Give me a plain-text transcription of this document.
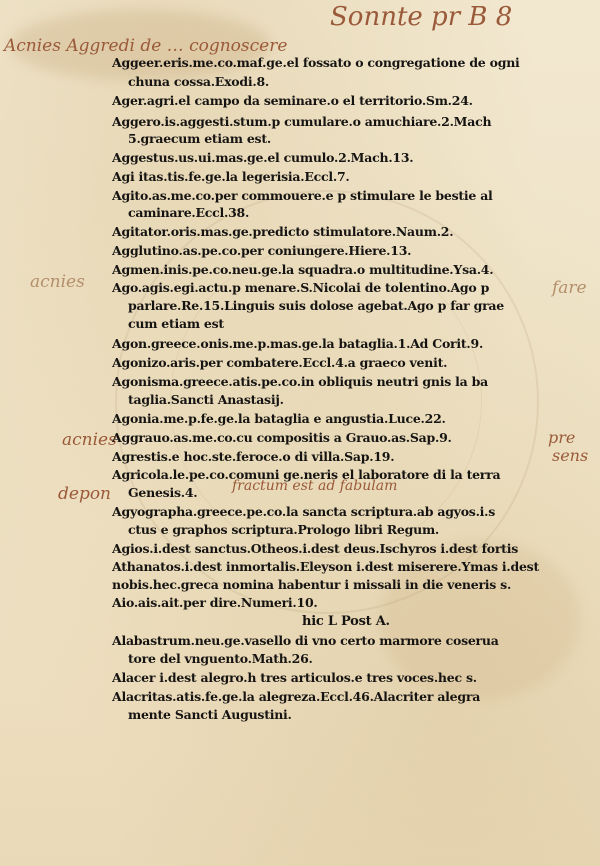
Sonnte pr B 8
Acnies Aggredi de … cognoscere
acnies	fare
acnies	pre
sens
depon	fractum est ad fabulam
Aggeer.eris.me.co.maf.ge.el fossato o congregatione de ogni
chuna cossa.Exodi.8.
Ager.agri.el campo da seminare.o el territorio.Sm.24.
Aggero.is.aggesti.stum.p cumulare.o amuchiare.2.Mach
5.graecum etiam est.
Aggestus.us.ui.mas.ge.el cumulo.2.Mach.13.
Agi itas.tis.fe.ge.la legerisia.Eccl.7.
Agito.as.me.co.per commouere.e p stimulare le bestie al
caminare.Eccl.38.
Agitator.oris.mas.ge.predicto stimulatore.Naum.2.
Agglutino.as.pe.co.per coniungere.Hiere.13.
Agmen.inis.pe.co.neu.ge.la squadra.o multitudine.Ysa.4.
Ago.agis.egi.actu.p menare.S.Nicolai de tolentino.Ago p
parlare.Re.15.Linguis suis dolose agebat.Ago p far grae
cum etiam est
Agon.greece.onis.me.p.mas.ge.la bataglia.1.Ad Corit.9.
Agonizo.aris.per combatere.Eccl.4.a graeco venit.
Agonisma.greece.atis.pe.co.in obliquis neutri gnis la ba
taglia.Sancti Anastasij.
Agonia.me.p.fe.ge.la bataglia e angustia.Luce.22.
Aggrauo.as.me.co.cu compositis a Grauo.as.Sap.9.
Agrestis.e hoc.ste.feroce.o di villa.Sap.19.
Agricola.le.pe.co.comuni ge.neris el laboratore di la terra
Genesis.4.
Agyographa.greece.pe.co.la sancta scriptura.ab agyos.i.s
ctus e graphos scriptura.Prologo libri Regum.
Agios.i.dest sanctus.Otheos.i.dest deus.Ischyros i.dest fortis
Athanatos.i.dest inmortalis.Eleyson i.dest miserere.Ymas i.dest
nobis.hec.greca nomina habentur i missali in die veneris s.
Aio.ais.ait.per dire.Numeri.10.
hic L Post A.
Alabastrum.neu.ge.vasello di vno certo marmore coserua
tore del vnguento.Math.26.
Alacer i.dest alegro.h tres articulos.e tres voces.hec s.
Alacritas.atis.fe.ge.la alegreza.Eccl.46.Alacriter alegra
mente Sancti Augustini.
